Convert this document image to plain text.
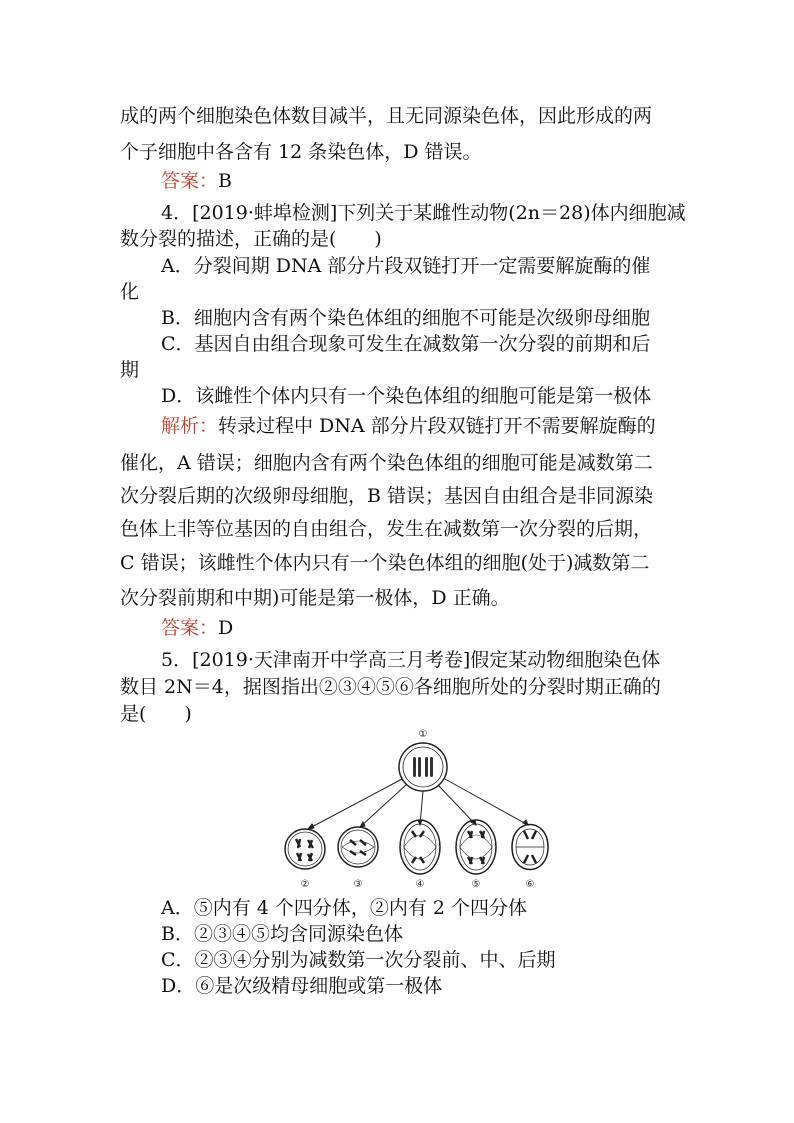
成的两个细胞染色体数目减半，且无同源染色体，因此形成的两
个子细胞中各含有 12 条染色体，D 错误。
答案：B
4．[2019·蚌埠检测]下列关于某雌性动物(2n＝28)体内细胞减
数分裂的描述，正确的是(　　)
A．分裂间期 DNA 部分片段双链打开一定需要解旋酶的催
化
B．细胞内含有两个染色体组的细胞不可能是次级卵母细胞
C．基因自由组合现象可发生在减数第一次分裂的前期和后
期
D．该雌性个体内只有一个染色体组的细胞可能是第一极体
解析：转录过程中 DNA 部分片段双链打开不需要解旋酶的
催化，A 错误；细胞内含有两个染色体组的细胞可能是减数第二
次分裂后期的次级卵母细胞，B 错误；基因自由组合是非同源染
色体上非等位基因的自由组合，发生在减数第一次分裂的后期，
C 错误；该雌性个体内只有一个染色体组的细胞(处于)减数第二
次分裂前期和中期)可能是第一极体，D 正确。
答案：D
5．[2019·天津南开中学高三月考卷]假定某动物细胞染色体
数目 2N＝4，据图指出②③④⑤⑥各细胞所处的分裂时期正确的
是(　　)
①
②	③	④	⑤	⑥
A．⑤内有 4 个四分体，②内有 2 个四分体
B．②③④⑤均含同源染色体
C．②③④分别为减数第一次分裂前、中、后期
D．⑥是次级精母细胞或第一极体
